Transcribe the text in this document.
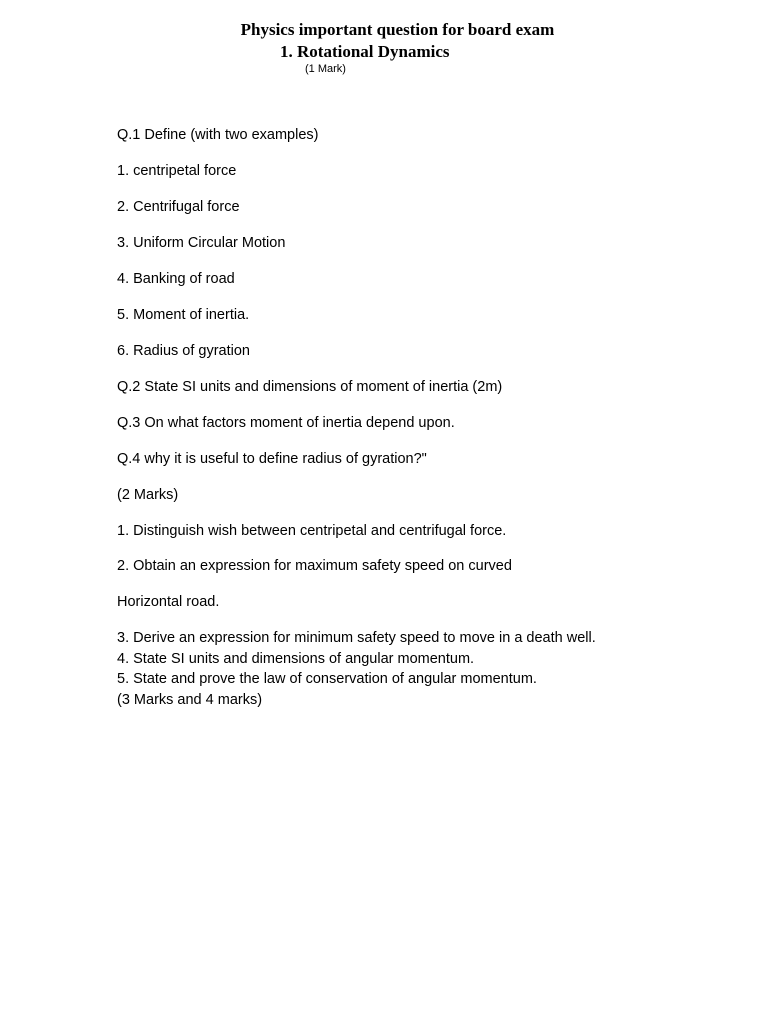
Physics important question for board exam
1. Rotational Dynamics
(1 Mark)
Q.1 Define (with two examples)
1. centripetal force
2. Centrifugal force
3. Uniform Circular Motion
4. Banking of road
5. Moment of inertia.
6. Radius of gyration
Q.2 State SI units and dimensions of moment of inertia (2m)
Q.3 On what factors moment of inertia depend upon.
Q.4 why it is useful to define radius of gyration?"
(2 Marks)
1. Distinguish wish between centripetal and centrifugal force.
2. Obtain an expression for maximum safety speed on curved
Horizontal road.
3. Derive an expression for minimum safety speed to move in a death well.
4. State SI units and dimensions of angular momentum.
5. State and prove the law of conservation of angular momentum.
(3 Marks and 4 marks)
